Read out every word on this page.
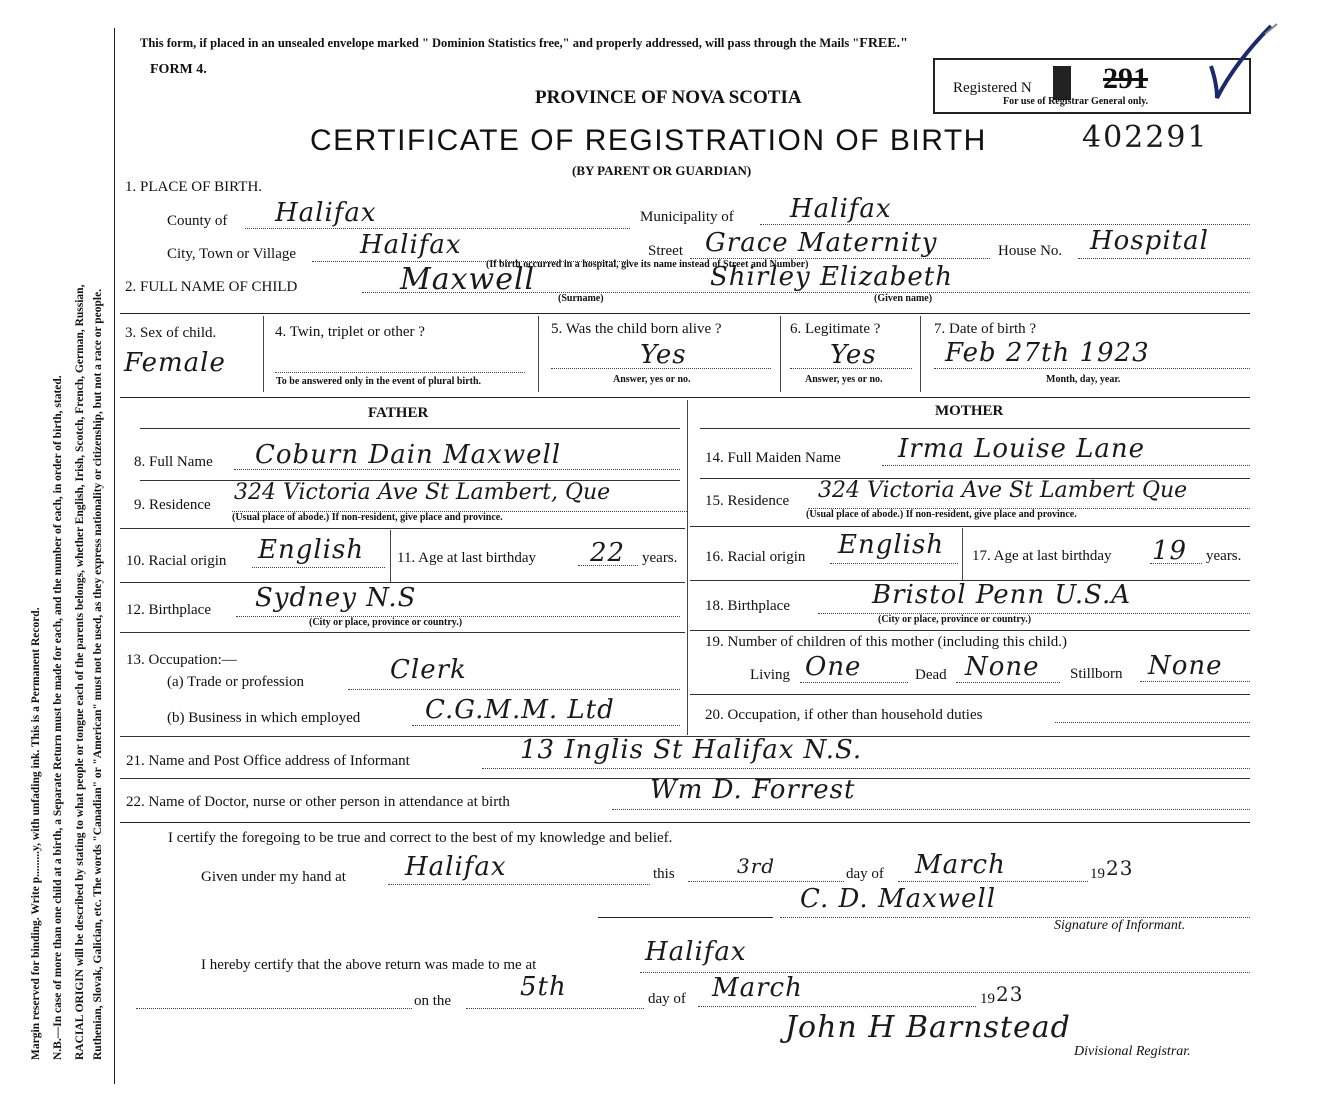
Margin reserved for binding. Write p.........y, with unfading ink. This is a Permanent Record. N.B.—In case of more than one child at a birth, a Separate Return must be made for each, and the number of each, in order of birth, stated. RACIAL ORIGIN will be described by stating to what people or tongue each of the parents belongs, whether English, Irish, Scotch, French, German, Russian, Ruthenian, Slovak, Galician, etc. The words "Canadian" or "American" must not be used, as they express nationality or citizenship, but not a race or people.
This form, if placed in an unsealed envelope marked " Dominion Statistics free," and properly addressed, will pass through the Mails "FREE."
FORM 4.
PROVINCE OF NOVA SCOTIA	Registered N 291
For use of Registrar General only.
CERTIFICATE OF REGISTRATION OF BIRTH	402291
(BY PARENT OR GUARDIAN)
1. PLACE OF BIRTH.
County of Halifax	Municipality of Halifax
City, Town or Village Halifax	Street Grace Maternity	House No. Hospital
(If birth occurred in a hospital, give its name instead of Street and Number)
2. FULL NAME OF CHILD	Maxwell	Shirley Elizabeth
(Surname)	(Given name)
3. Sex of child.
Female
4. Twin, triplet or other ?
To be answered only in the event of plural birth.
5. Was the child born alive ?
Yes
Answer, yes or no.
6. Legitimate ?
Yes
Answer, yes or no.
7. Date of birth ?
Feb 27th 1923
Month, day, year.
FATHER
8. Full Name Coburn Dain Maxwell
9. Residence 324 Victoria Ave St Lambert, Que
(Usual place of abode.) If non-resident, give place and province.
10. Racial origin English 11. Age at last birthday 22 years.
12. Birthplace Sydney N.S
(City or place, province or country.)
13. Occupation:—
(a) Trade or profession	Clerk
(b) Business in which employed C.G.M.M. Ltd
MOTHER
14. Full Maiden Name Irma Louise Lane
15. Residence 324 Victoria Ave St Lambert Que
(Usual place of abode.) If non-resident, give place and province.
16. Racial origin English 17. Age at last birthday 19 years.
18. Birthplace	Bristol Penn U.S.A
(City or place, province or country.)
19. Number of children of this mother (including this child.)
Living One	Dead None Stillborn None
20. Occupation, if other than household duties
21. Name and Post Office address of Informant	13 Inglis St Halifax N.S.
22. Name of Doctor, nurse or other person in attendance at birth	Wm D. Forrest
I certify the foregoing to be true and correct to the best of my knowledge and belief.
Given under my hand at Halifax	this	3rd	day of March	19 23
C. D. Maxwell
Signature of Informant.
I hereby certify that the above return was made to me at	Halifax
on the	5th	day of March	19 23
John H Barnstead
Divisional Registrar.
